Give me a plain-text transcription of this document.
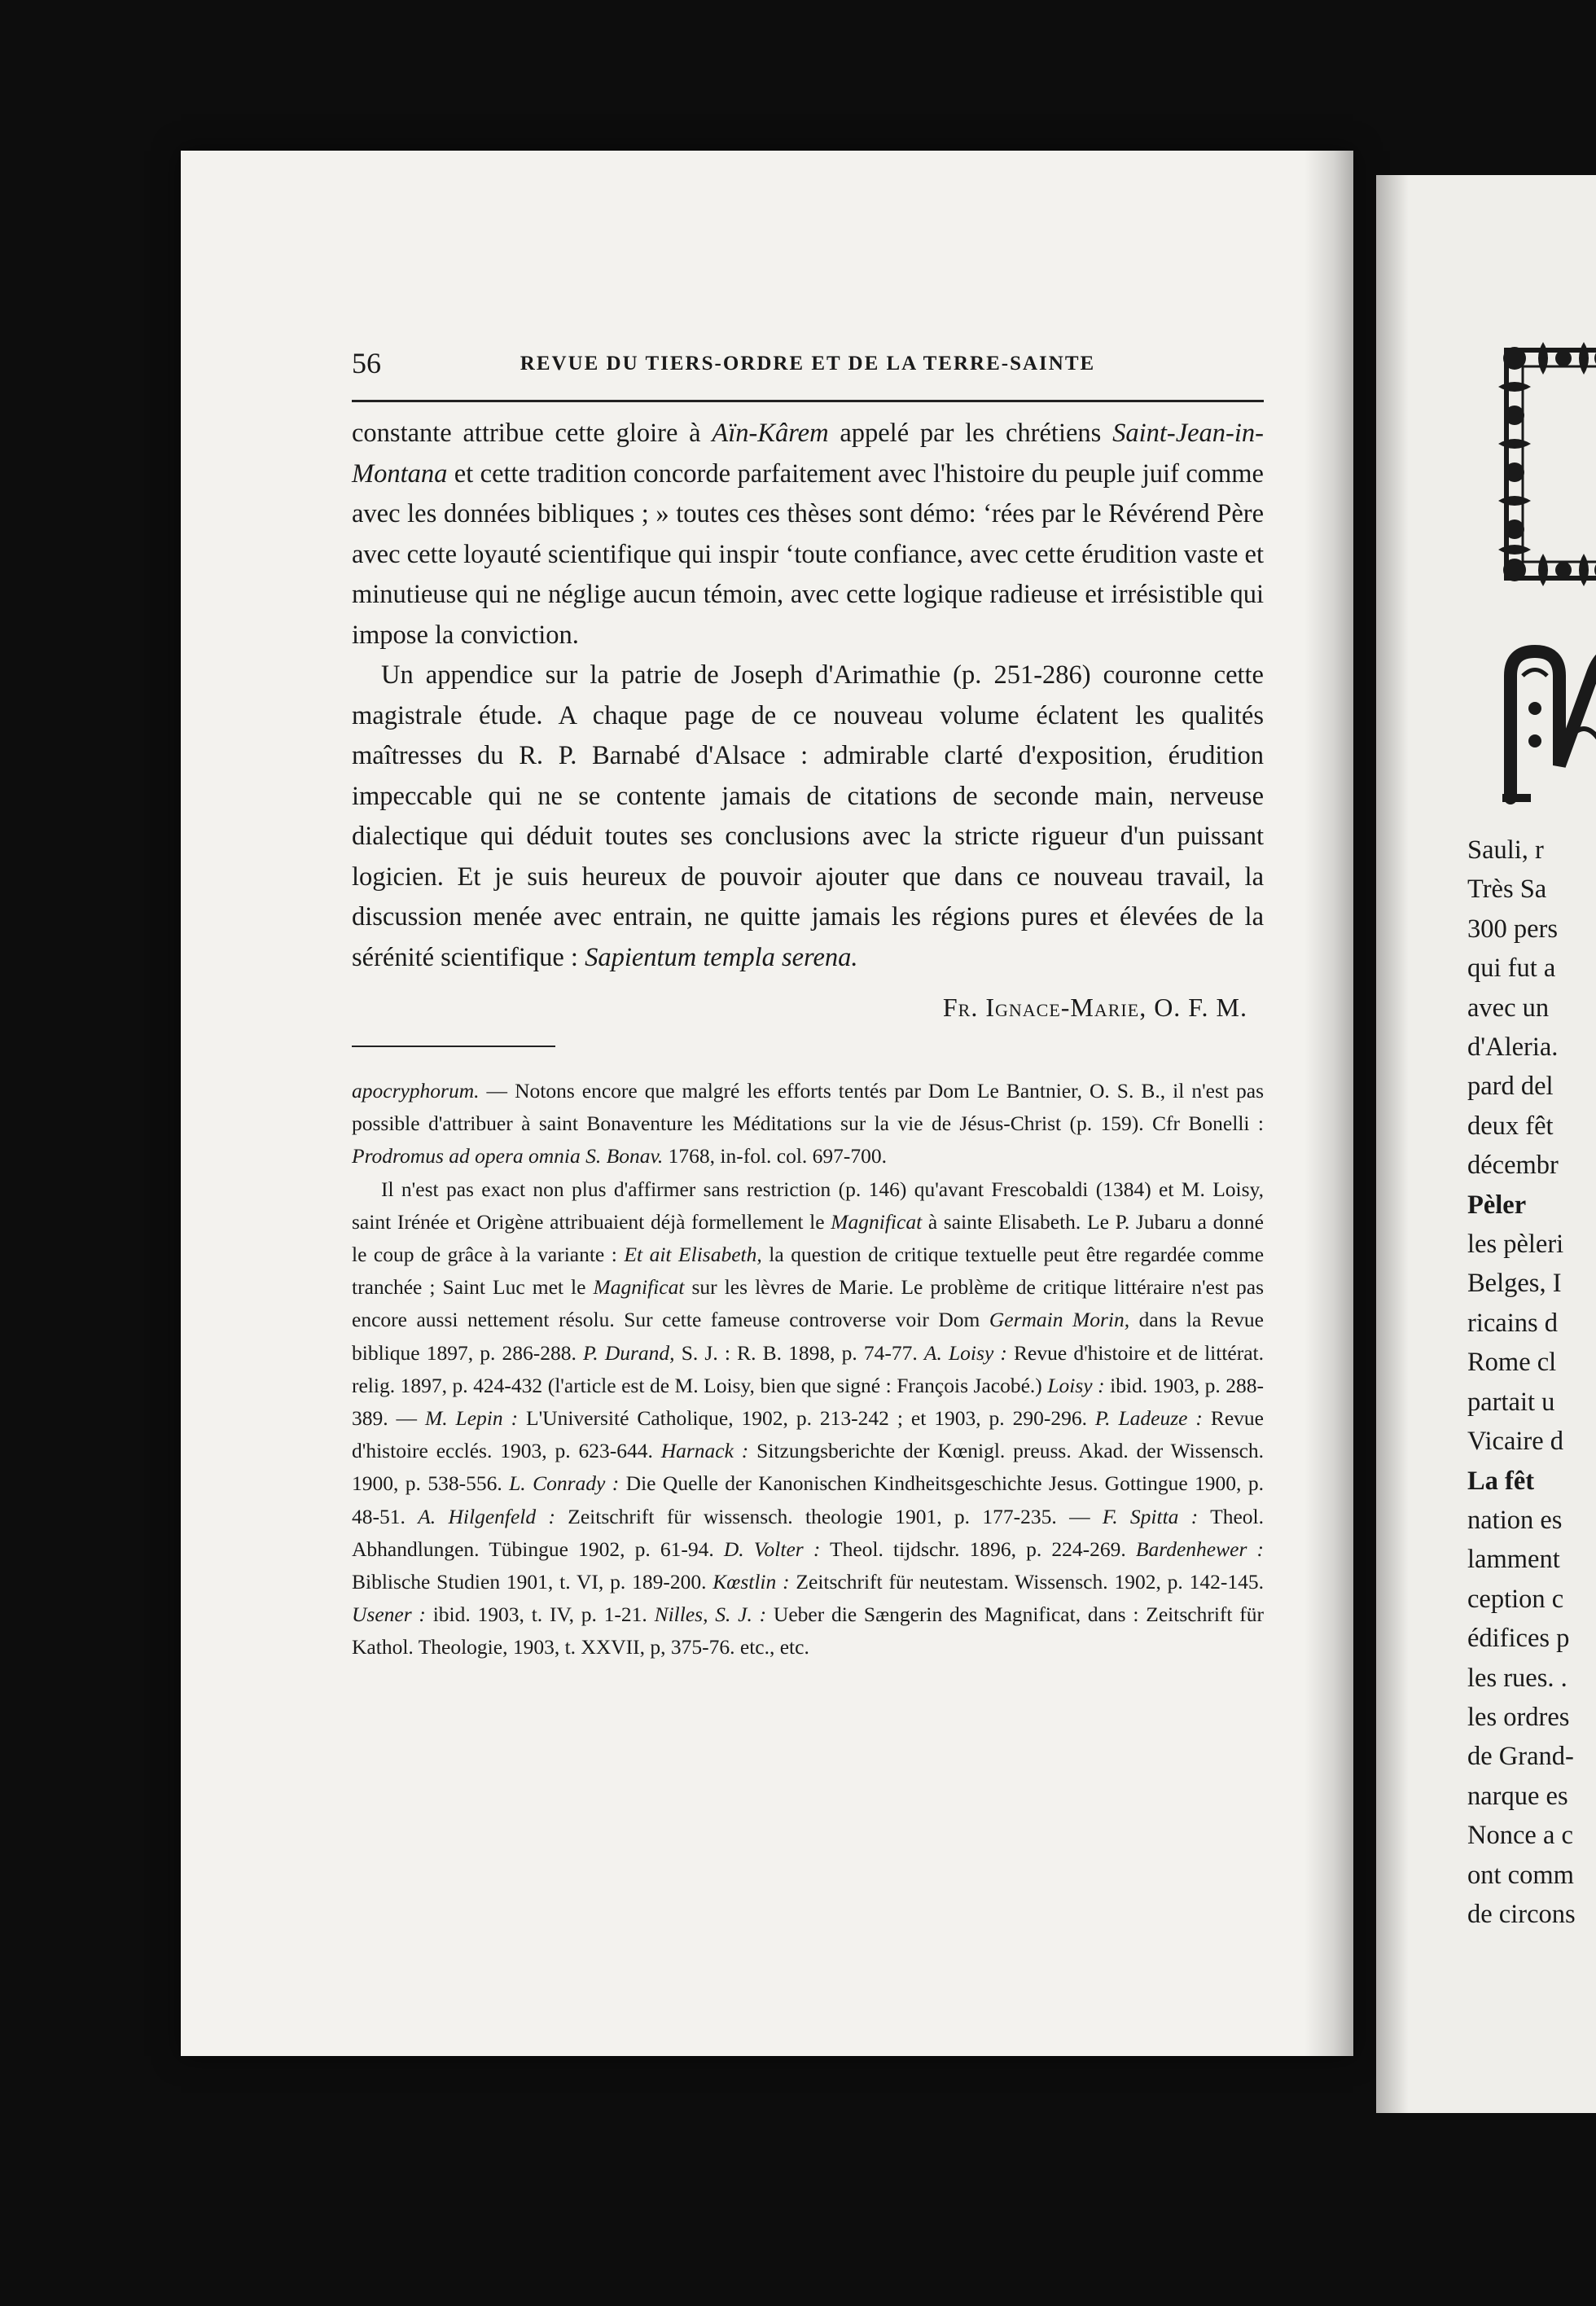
56	REVUE DU TIERS-ORDRE ET DE LA TERRE-SAINTE

constante attribue cette gloire à Aïn-Kârem appelé par les chrétiens Saint-Jean-in-Montana et cette tradition concorde parfaitement avec l'histoire du peuple juif comme avec les données bibliques ; » toutes ces thèses sont démo: ‘rées par le Révérend Père avec cette loyauté scientifique qui inspir ‘toute confiance, avec cette érudition vaste et minutieuse qui ne néglige aucun témoin, avec cette logique radieuse et irrésistible qui impose la conviction.

Un appendice sur la patrie de Joseph d'Arimathie (p. 251-286) couronne cette magistrale étude. A chaque page de ce nouveau volume éclatent les qualités maîtresses du R. P. Barnabé d'Alsace : admirable clarté d'exposition, érudition impeccable qui ne se contente jamais de citations de seconde main, nerveuse dialectique qui déduit toutes ses conclusions avec la stricte rigueur d'un puissant logicien. Et je suis heureux de pouvoir ajouter que dans ce nouveau travail, la discussion menée avec entrain, ne quitte jamais les régions pures et élevées de la sérénité scientifique : Sapientum templa serena.

Fr. Ignace-Marie, O. F. M.

apocryphorum. — Notons encore que malgré les efforts tentés par Dom Le Bantnier, O. S. B., il n'est pas possible d'attribuer à saint Bonaventure les Méditations sur la vie de Jésus-Christ (p. 159). Cfr Bonelli : Prodromus ad opera omnia S. Bonav. 1768, in-fol. col. 697-700.

Il n'est pas exact non plus d'affirmer sans restriction (p. 146) qu'avant Frescobaldi (1384) et M. Loisy, saint Irénée et Origène attribuaient déjà formellement le Magnificat à sainte Elisabeth. Le P. Jubaru a donné le coup de grâce à la variante : Et ait Elisabeth, la question de critique textuelle peut être regardée comme tranchée ; Saint Luc met le Magnificat sur les lèvres de Marie. Le problème de critique littéraire n'est pas encore aussi nettement résolu. Sur cette fameuse controverse voir Dom Germain Morin, dans la Revue biblique 1897, p. 286-288. P. Durand, S. J. : R. B. 1898, p. 74-77. A. Loisy : Revue d'histoire et de littérat. relig. 1897, p. 424-432 (l'article est de M. Loisy, bien que signé : François Jacobé.) Loisy : ibid. 1903, p. 288-389. — M. Lepin : L'Université Catholique, 1902, p. 213-242 ; et 1903, p. 290-296. P. Ladeuze : Revue d'histoire ecclés. 1903, p. 623-644. Harnack : Sitzungsberichte der Kœnigl. preuss. Akad. der Wissensch. 1900, p. 538-556. L. Conrady : Die Quelle der Kanonischen Kindheitsgeschichte Jesus. Gottingue 1900, p. 48-51. A. Hilgenfeld : Zeitschrift für wissensch. theologie 1901, p. 177-235. — F. Spitta : Theol. Abhandlungen. Tübingue 1902, p. 61-94. D. Volter : Theol. tijdschr. 1896, p. 224-269. Bardenhewer : Biblische Studien 1901, t. VI, p. 189-200. Kœstlin : Zeitschrift für neutestam. Wissensch. 1902, p. 142-145. Usener : ibid. 1903, t. IV, p. 1-21. Nilles, S. J. : Ueber die Sængerin des Magnificat, dans : Zeitschrift für Kathol. Theologie, 1903, t. XXVII, p, 375-76. etc., etc.

Sauli, r
Très Sa
300 pers
qui fut a
avec un
d'Aleria.
pard del
deux fêt
décembr
Pèler
les pèleri
Belges, I
ricains d
Rome cl
partait u
Vicaire d
La fêt
nation es
lamment
ception c
édifices p
les rues. .
les ordres
de Grand-
narque es
Nonce a c
ont comm
de circons
